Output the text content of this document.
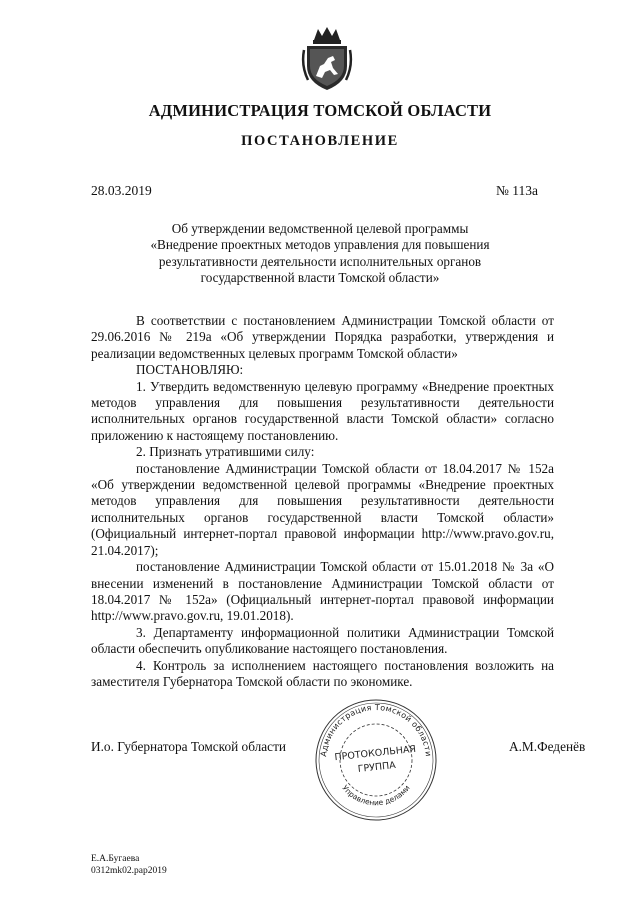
АДМИНИСТРАЦИЯ ТОМСКОЙ ОБЛАСТИ
ПОСТАНОВЛЕНИЕ
28.03.2019	№ 113а
Об утверждении ведомственной целевой программы
«Внедрение проектных методов управления для повышения
результативности деятельности исполнительных органов
государственной власти Томской области»
В соответствии с постановлением Администрации Томской области от 29.06.2016 № 219а «Об утверждении Порядка разработки, утверждения и реализации ведомственных целевых программ Томской области»
ПОСТАНОВЛЯЮ:
1. Утвердить ведомственную целевую программу «Внедрение проектных методов управления для повышения результативности деятельности исполнительных органов государственной власти Томской области» согласно приложению к настоящему постановлению.
2. Признать утратившими силу:
постановление Администрации Томской области от 18.04.2017 № 152а «Об утверждении ведомственной целевой программы «Внедрение проектных методов управления для повышения результативности деятельности исполнительных органов государственной власти Томской области» (Официальный интернет-портал правовой информации http://www.pravo.gov.ru, 21.04.2017);
постановление Администрации Томской области от 15.01.2018 № 3а «О внесении изменений в постановление Администрации Томской области от 18.04.2017 № 152а» (Официальный интернет-портал правовой информации http://www.pravo.gov.ru, 19.01.2018).
3. Департаменту информационной политики Администрации Томской области обеспечить опубликование настоящего постановления.
4. Контроль за исполнением настоящего постановления возложить на заместителя Губернатора Томской области по экономике.
И.о. Губернатора Томской области	А.М.Феденёв
Администрация Томской области
Управление делами
ПРОТОКОЛЬНАЯ
ГРУППА
Е.А.Бугаева
0312mk02.pap2019
